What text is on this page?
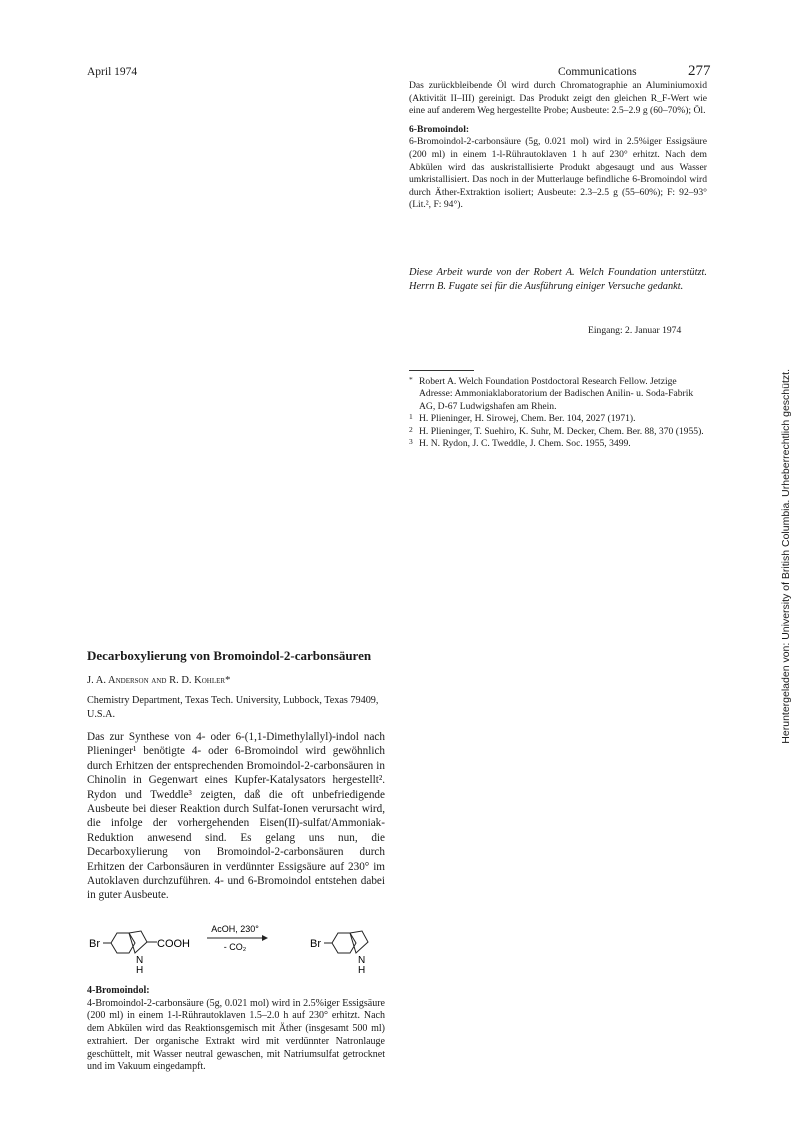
April 1974	Communications	277

Das zurückbleibende Öl wird durch Chromatographie an Aluminiumoxid (Aktivität II–III) gereinigt. Das Produkt zeigt den gleichen R_F-Wert wie eine auf anderem Weg hergestellte Probe; Ausbeute: 2.5–2.9 g (60–70%); Öl.

6-Bromoindol:

6-Bromoindol-2-carbonsäure (5g, 0.021 mol) wird in 2.5%iger Essigsäure (200 ml) in einem 1-l-Rührautoklaven 1 h auf 230° erhitzt. Nach dem Abkülen wird das auskristallisierte Produkt abgesaugt und aus Wasser umkristallisiert. Das noch in der Mutterlauge befindliche 6-Bromoindol wird durch Äther-Extraktion isoliert; Ausbeute: 2.3–2.5 g (55–60%); F: 92–93° (Lit.², F: 94°).

Diese Arbeit wurde von der Robert A. Welch Foundation unterstützt. Herrn B. Fugate sei für die Ausführung einiger Versuche gedankt.
Eingang: 2. Januar 1974
* Robert A. Welch Foundation Postdoctoral Research Fellow. Jetzige Adresse: Ammoniaklaboratorium der Badischen Anilin- u. Soda-Fabrik AG, D-67 Ludwigshafen am Rhein.
1 H. Plieninger, H. Sirowej, Chem. Ber. 104, 2027 (1971).
2 H. Plieninger, T. Suehiro, K. Suhr, M. Decker, Chem. Ber. 88, 370 (1955).
3 H. N. Rydon, J. C. Tweddle, J. Chem. Soc. 1955, 3499.	Heruntergeladen von: University of British Columbia. Urheberrechtlich geschützt.
Decarboxylierung von Bromoindol-2-carbonsäuren
J. A. Anderson and R. D. Kohler*
Chemistry Department, Texas Tech. University, Lubbock, Texas 79409, U.S.A.
Das zur Synthese von 4- oder 6-(1,1-Dimethylallyl)-indol nach Plieninger¹ benötigte 4- oder 6-Bromoindol wird gewöhnlich durch Erhitzen der entsprechenden Bromoindol-2-carbonsäuren in Chinolin in Gegenwart eines Kupfer-Katalysators hergestellt². Rydon und Tweddle³ zeigten, daß die oft unbefriedigende Ausbeute bei dieser Reaktion durch Sulfat-Ionen verursacht wird, die infolge der vorhergehenden Eisen(II)-sulfat/Ammoniak-Reduktion anwesend sind. Es gelang uns nun, die Decarboxylierung von Bromoindol-2-carbonsäuren durch Erhitzen der Carbonsäuren in verdünnter Essigsäure auf 230° im Autoklaven durchzuführen. 4- und 6-Bromoindol entstehen dabei in guter Ausbeute.
Br	COOH
N
H
AcOH, 230°
- CO₂	Br
N
H

4-Bromoindol:

4-Bromoindol-2-carbonsäure (5g, 0.021 mol) wird in 2.5%iger Essigsäure (200 ml) in einem 1-l-Rührautoklaven 1.5–2.0 h auf 230° erhitzt. Nach dem Abkülen wird das Reaktionsgemisch mit Äther (insgesamt 500 ml) extrahiert. Der organische Extrakt wird mit verdünnter Natronlauge geschüttelt, mit Wasser neutral gewaschen, mit Natriumsulfat getrocknet und im Vakuum eingedampft.
